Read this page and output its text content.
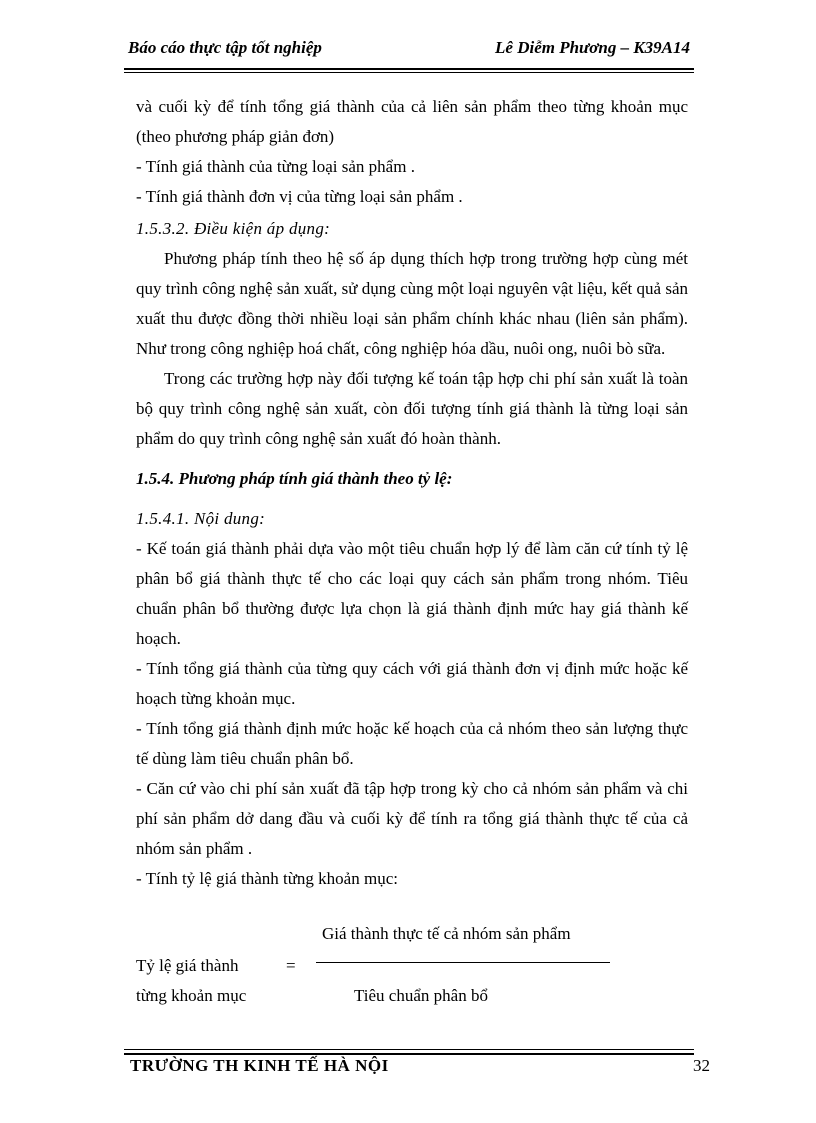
Báo cáo thực tập tốt nghiệp	Lê Diễm Phương – K39A14

và cuối kỳ để tính tổng giá thành của cả liên sản phẩm theo từng khoản mục (theo phương pháp giản đơn)

- Tính giá thành của từng loại sản phẩm .

- Tính giá thành đơn vị của từng loại sản phẩm .

1.5.3.2. Điều kiện áp dụng:

Phương pháp tính theo hệ số áp dụng thích hợp trong trường hợp cùng mét quy trình công nghệ sản xuất, sử dụng cùng một loại nguyên vật liệu, kết quả sản xuất thu được đồng thời nhiều loại sản phẩm chính khác nhau (liên sản phẩm). Như trong công nghiệp hoá chất, công nghiệp hóa dầu, nuôi ong, nuôi bò sữa.

Trong các trường hợp này đối tượng kế toán tập hợp chi phí sản xuất là toàn bộ quy trình công nghệ sản xuất, còn đối tượng tính giá thành là từng loại sản phẩm do quy trình công nghệ sản xuất đó hoàn thành.

1.5.4. Phương pháp tính giá thành theo tỷ lệ:

1.5.4.1. Nội dung:

- Kế toán giá thành phải dựa vào một tiêu chuẩn hợp lý để làm căn cứ tính tỷ lệ phân bổ giá thành thực tế cho các loại quy cách sản phẩm trong nhóm. Tiêu chuẩn phân bổ thường được lựa chọn là giá thành định mức hay giá thành kế hoạch.

- Tính tổng giá thành của từng quy cách với giá thành đơn vị định mức hoặc kế hoạch từng khoản mục.

- Tính tổng giá thành định mức hoặc kế hoạch của cả nhóm theo sản lượng thực tế dùng làm tiêu chuẩn phân bổ.

- Căn cứ vào chi phí sản xuất đã tập hợp trong kỳ cho cả nhóm sản phẩm và chi phí sản phẩm dở dang đầu và cuối kỳ để tính ra tổng giá thành thực tế của cả nhóm sản phẩm .

- Tính tỷ lệ giá thành từng khoản mục:

Tỷ lệ giá thành
từng khoản mục
=
Giá thành thực tế cả nhóm sản phẩm
Tiêu chuẩn phân bổ
TRƯỜNG TH KINH TẾ HÀ NỘI	32
